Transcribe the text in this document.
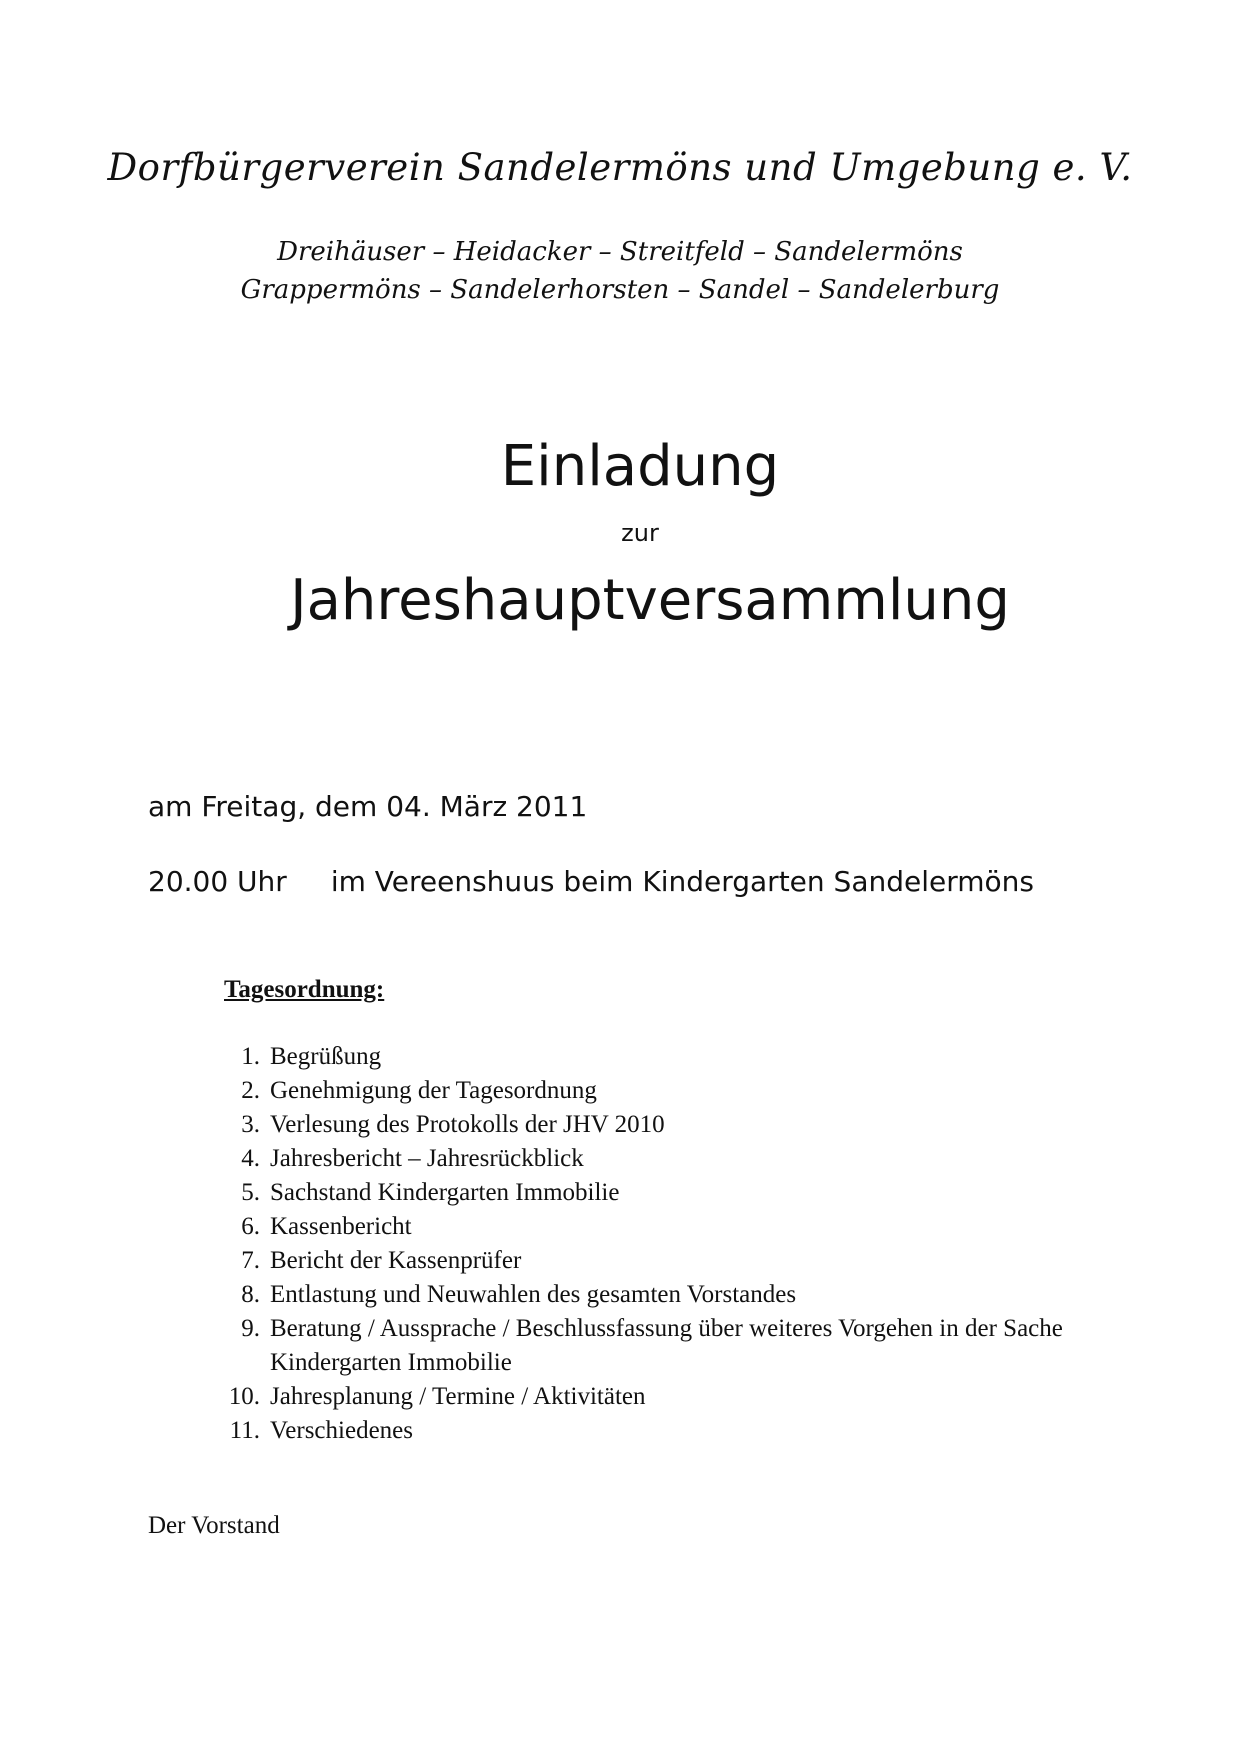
Dorfbürgerverein Sandelermöns und Umgebung e. V.
Dreihäuser – Heidacker – Streitfeld – Sandelermöns
Grappermöns – Sandelerhorsten – Sandel – Sandelerburg
Einladung
zur
Jahreshauptversammlung
am Freitag, dem 04. März 2011
20.00 Uhr im Vereenshuus beim Kindergarten Sandelermöns
Tagesordnung:
1. Begrüßung
2. Genehmigung der Tagesordnung
3. Verlesung des Protokolls der JHV 2010
4. Jahresbericht – Jahresrückblick
5. Sachstand Kindergarten Immobilie
6. Kassenbericht
7. Bericht der Kassenprüfer
8. Entlastung und Neuwahlen des gesamten Vorstandes
9. Beratung / Aussprache / Beschlussfassung über weiteres Vorgehen in der Sache Kindergarten Immobilie
10. Jahresplanung / Termine / Aktivitäten
11. Verschiedenes
Der Vorstand
